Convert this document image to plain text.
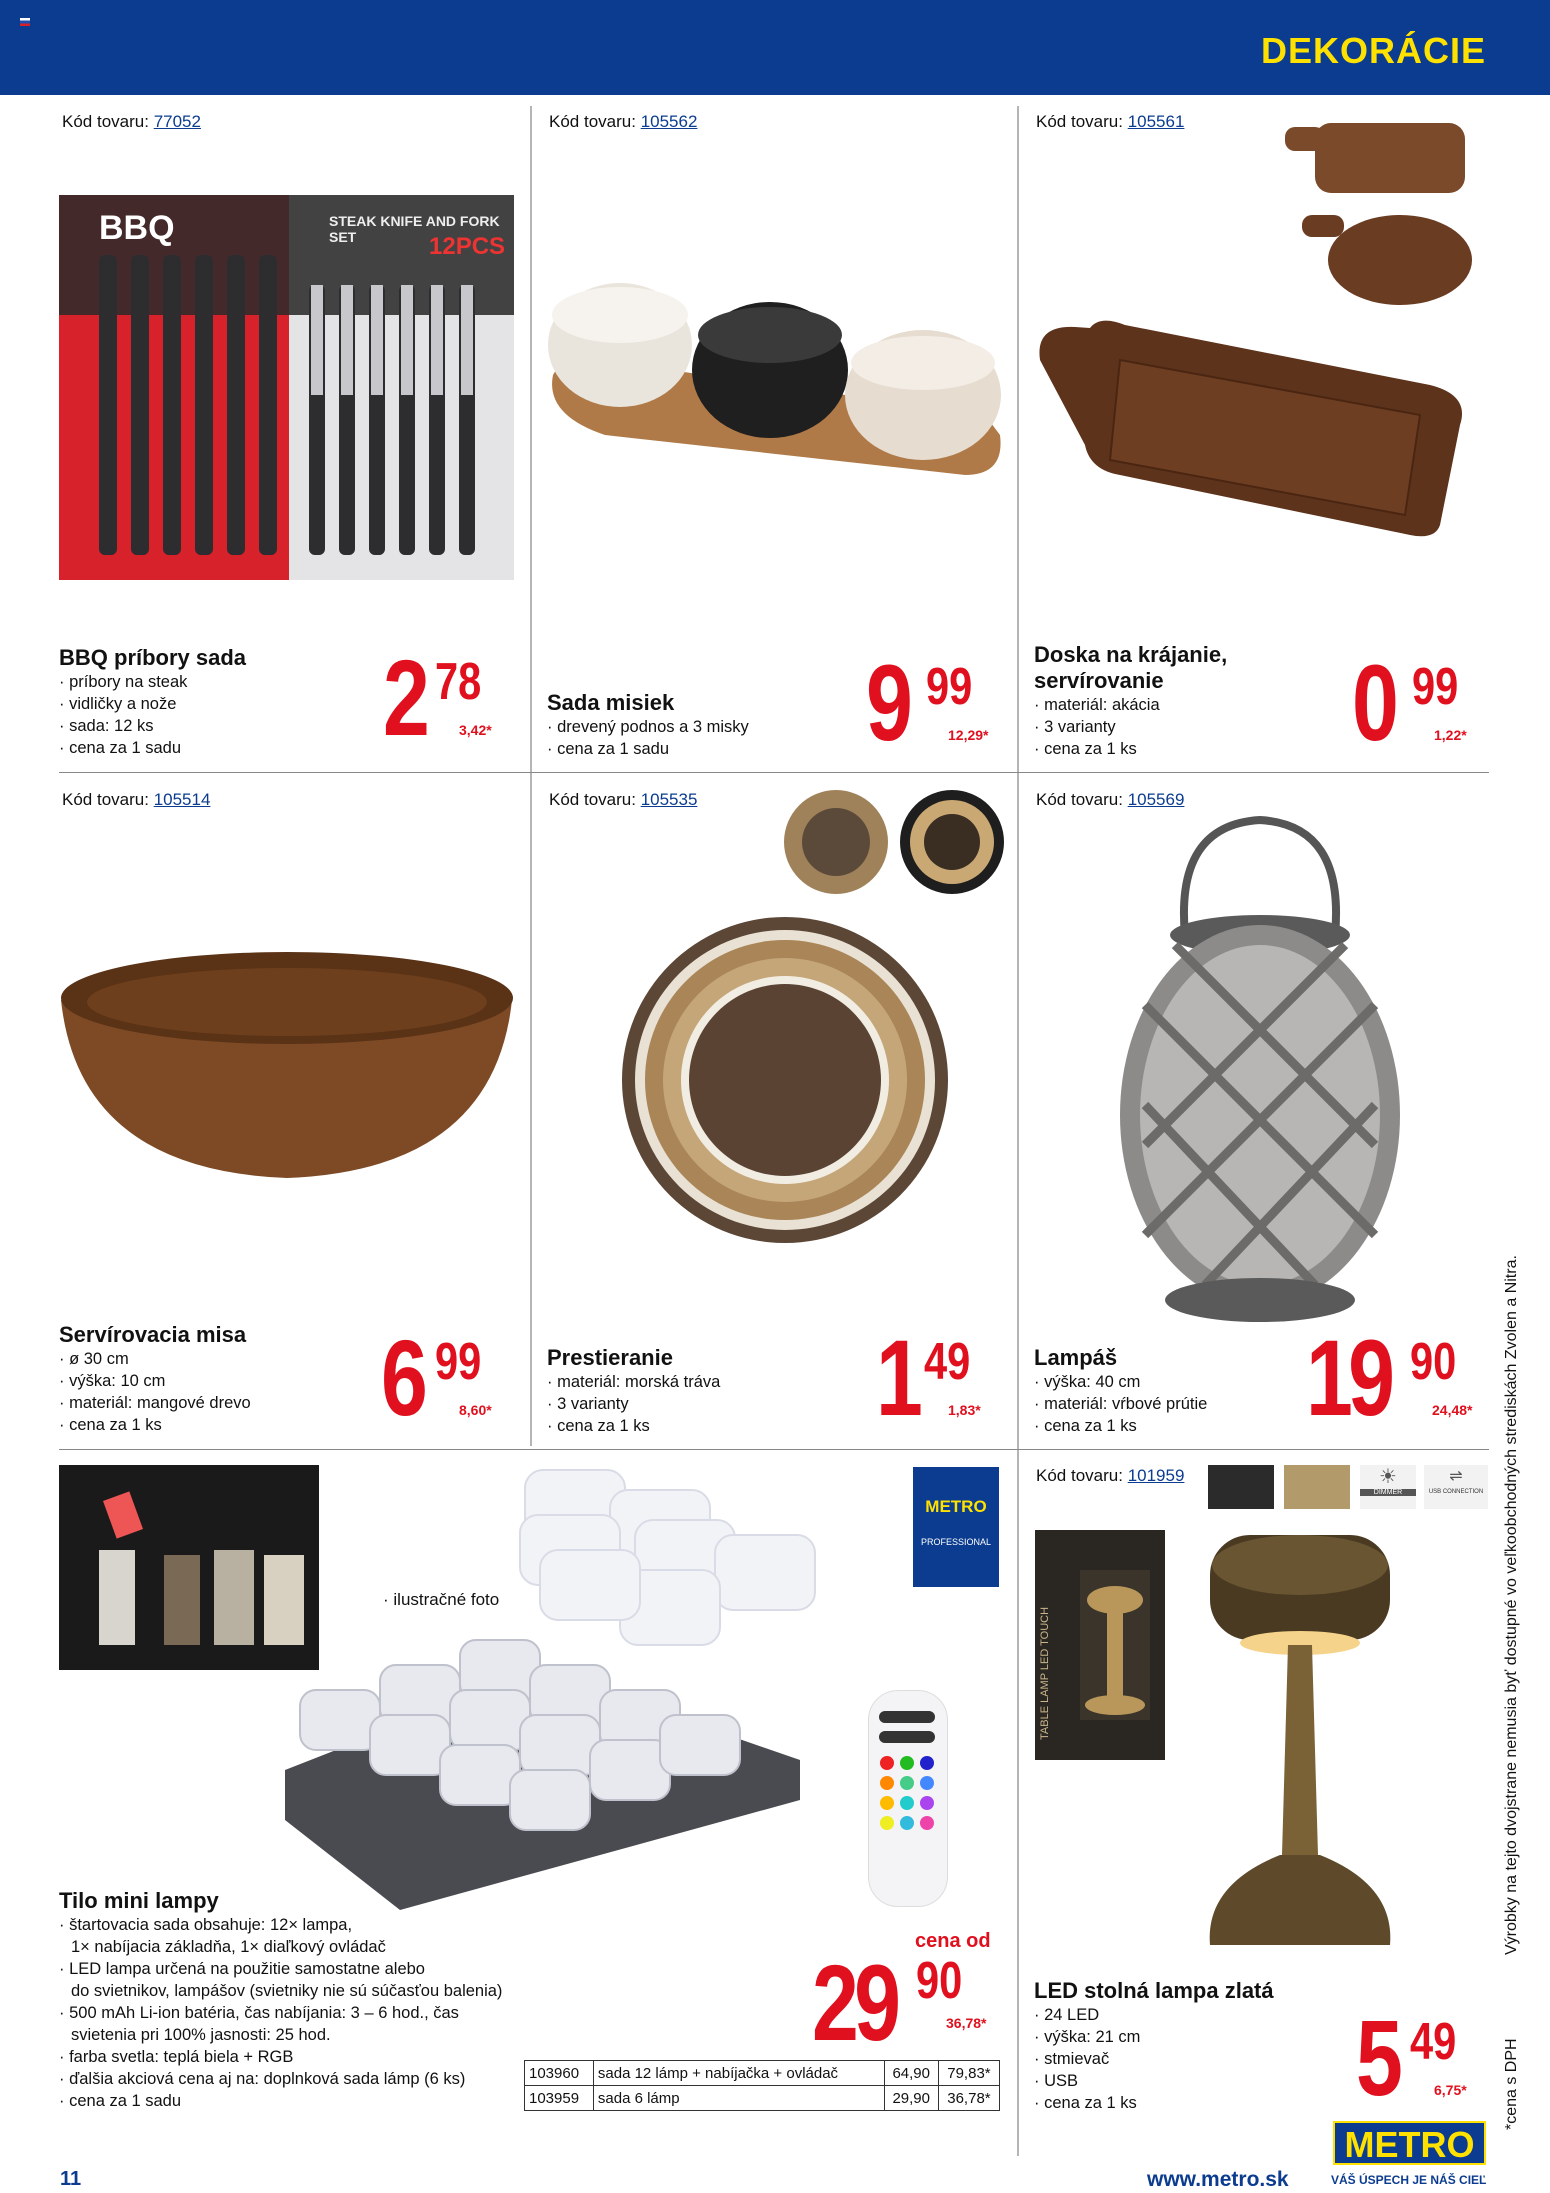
DEKORÁCIE
Kód tovaru: 77052
BBQ	STEAK KNIFE AND FORK SET	12PCS
BBQ príbory sada
· príbory na steak
· vidličky a nože
· sada: 12 ks
· cena za 1 sadu	2 78
3,42*
Kód tovaru: 105562
Sada misiek
· drevený podnos a 3 misky
· cena za 1 sadu	9 99
12,29*
Kód tovaru: 105561
Doska na krájanie, servírovanie
· materiál: akácia
· 3 varianty
· cena za 1 ks	0 99
1,22*
Kód tovaru: 105514
Servírovacia misa
· ø 30 cm
· výška: 10 cm
· materiál: mangové drevo
· cena za 1 ks	6 99
8,60*
Kód tovaru: 105535
Prestieranie
· materiál: morská tráva
· 3 varianty
· cena za 1 ks	1 49
1,83*
Kód tovaru: 105569
Lampáš
· výška: 40 cm
· materiál: vŕbové prútie
· cena za 1 ks	19 90
24,48*
· ilustračné foto
METRO
PROFESSIONAL
Tilo mini lampy
· štartovacia sada obsahuje: 12× lampa,
1× nabíjacia základňa, 1× diaľkový ovládač
· LED lampa určená na použitie samostatne alebo
do svietnikov, lampášov (svietniky nie sú súčasťou balenia)
· 500 mAh Li-ion batéria, čas nabíjania: 3 – 6 hod., čas
svietenia pri 100% jasnosti: 25 hod.
· farba svetla: teplá biela + RGB
· ďalšia akciová cena aj na: doplnková sada lámp (6 ks)
· cena za 1 sadu
cena od
29 90
36,78*
103960	sada 12 lámp + nabíjačka + ovládač	64,90	79,83*
103959	sada 6 lámp	29,90	36,78*
Kód tovaru: 101959	☀
DIMMER
⇌
USB CONNECTION
TABLE LAMP LED TOUCH
LED stolná lampa zlatá
· 24 LED
· výška: 21 cm
· stmievač
· USB
· cena za 1 ks	5 49
6,75*
Výrobky na tejto dvojstrane nemusia byť dostupné vo veľkoobchodných strediskách Zvolen a Nitra.
*cena s DPH
11	www.metro.sk
METRO
VÁŠ ÚSPECH JE NÁŠ CIEĽ
